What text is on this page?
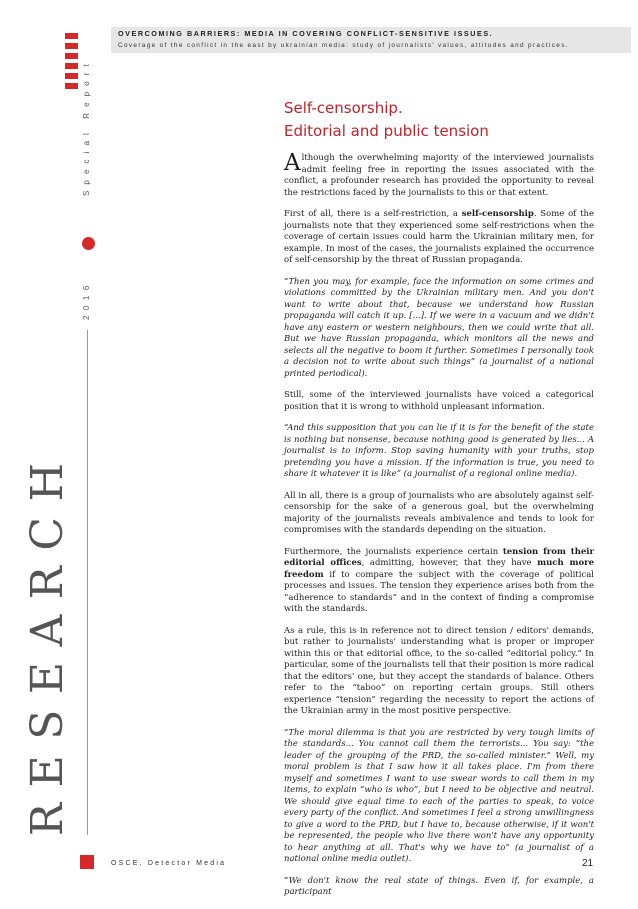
OVERCOMING BARRIERS: MEDIA IN COVERING CONFLICT-SENSITIVE ISSUES.
Coverage of the conflict in the east by ukrainian media: study of journalists' values, attitudes and practices.
Special Report
2016
RESEARCH
Self-censorship.
Editorial and public tension

Although the overwhelming majority of the interviewed journalists admit feeling free in reporting the issues associated with the conflict, a profounder research has provided the opportunity to reveal the restrictions faced by the journalists to this or that extent.

First of all, there is a self-restriction, a self-censorship. Some of the journalists note that they experienced some self-restrictions when the coverage of certain issues could harm the Ukrainian military men, for example. In most of the cases, the journalists explained the occurrence of self-censorship by the threat of Russian propaganda.

“Then you may, for example, face the information on some crimes and violations committed by the Ukrainian military men. And you don't want to write about that, because we understand how Russian propaganda will catch it up. [...]. If we were in a vacuum and we didn't have any eastern or western neighbours, then we could write that all. But we have Russian propaganda, which monitors all the news and selects all the negative to boom it further. Sometimes I personally took a decision not to write about such things” (a journalist of a national printed periodical).

Still, some of the interviewed journalists have voiced a categorical position that it is wrong to withhold unpleasant information.

“And this supposition that you can lie if it is for the benefit of the state is nothing but nonsense, because nothing good is generated by lies... A journalist is to inform. Stop saving humanity with your truths, stop pretending you have a mission. If the information is true, you need to share it whatever it is like” (a journalist of a regional online media).

All in all, there is a group of journalists who are absolutely against self-censorship for the sake of a generous goal, but the overwhelming majority of the journalists reveals ambivalence and tends to look for compromises with the standards depending on the situation.

Furthermore, the journalists experience certain tension from their editorial offices, admitting, however, that they have much more freedom if to compare the subject with the coverage of political processes and issues. The tension they experience arises both from the “adherence to standards” and in the context of finding a compromise with the standards.

As a rule, this is in reference not to direct tension / editors' demands, but rather to journalists' understanding what is proper or improper within this or that editorial office, to the so-called “editorial policy.” In particular, some of the journalists tell that their position is more radical that the editors' one, but they accept the standards of balance. Others refer to the “taboo” on reporting certain groups. Still others experience “tension” regarding the necessity to report the actions of the Ukrainian army in the most positive perspective.

“The moral dilemma is that you are restricted by very tough limits of the standards... You cannot call them the terrorists... You say: “the leader of the grouping of the PRD, the so-called minister.” Well, my moral problem is that I saw how it all takes place. I'm from there myself and sometimes I want to use swear words to call them in my items, to explain “who is who”, but I need to be objective and neutral. We should give equal time to each of the parties to speak, to voice every party of the conflict. And sometimes I feel a strong unwillingness to give a word to the PRD, but I have to, because otherwise, if it won't be represented, the people who live there won't have any opportunity to hear anything at all. That's why we have to” (a journalist of a national online media outlet).

“We don't know the real state of things. Even if, for example, a participant

OSCE, Detector Media	21
